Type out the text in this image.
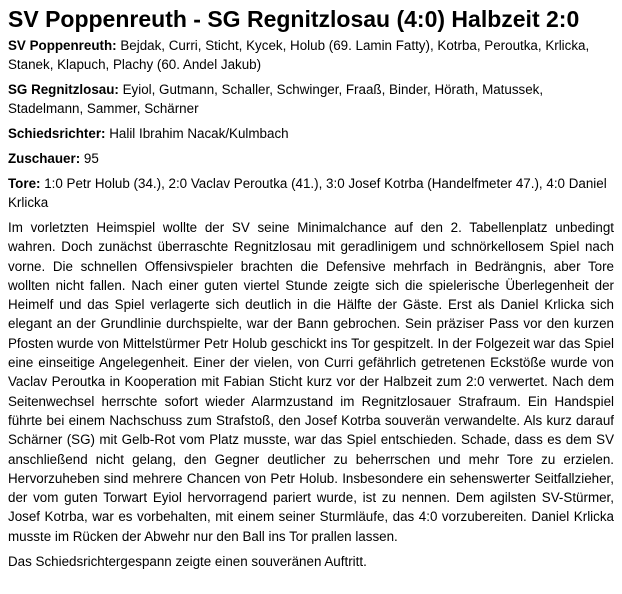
SV Poppenreuth - SG Regnitzlosau (4:0) Halbzeit 2:0

SV Poppenreuth: Bejdak, Curri, Sticht, Kycek, Holub (69. Lamin Fatty), Kotrba, Peroutka, Krlicka, Stanek, Klapuch, Plachy (60. Andel Jakub)

SG Regnitzlosau: Eyiol, Gutmann, Schaller, Schwinger, Fraaß, Binder, Hörath, Matussek, Stadelmann, Sammer, Schärner

Schiedsrichter: Halil Ibrahim Nacak/Kulmbach

Zuschauer: 95

Tore: 1:0 Petr Holub (34.), 2:0 Vaclav Peroutka (41.), 3:0 Josef Kotrba (Handelfmeter 47.), 4:0 Daniel Krlicka

Im vorletzten Heimspiel wollte der SV seine Minimalchance auf den 2. Tabellenplatz unbedingt wahren. Doch zunächst überraschte Regnitzlosau mit geradlinigem und schnörkellosem Spiel nach vorne. Die schnellen Offensivspieler brachten die Defensive mehrfach in Bedrängnis, aber Tore wollten nicht fallen. Nach einer guten viertel Stunde zeigte sich die spielerische Überlegenheit der Heimelf und das Spiel verlagerte sich deutlich in die Hälfte der Gäste. Erst als Daniel Krlicka sich elegant an der Grundlinie durchspielte, war der Bann gebrochen. Sein präziser Pass vor den kurzen Pfosten wurde von Mittelstürmer Petr Holub geschickt ins Tor gespitzelt. In der Folgezeit war das Spiel eine einseitige Angelegenheit. Einer der vielen, von Curri gefährlich getretenen Eckstöße wurde von Vaclav Peroutka in Kooperation mit Fabian Sticht kurz vor der Halbzeit zum 2:0 verwertet. Nach dem Seitenwechsel herrschte sofort wieder Alarmzustand im Regnitzlosauer Strafraum. Ein Handspiel führte bei einem Nachschuss zum Strafstoß, den Josef Kotrba souverän verwandelte. Als kurz darauf Schärner (SG) mit Gelb-Rot vom Platz musste, war das Spiel entschieden. Schade, dass es dem SV anschließend nicht gelang, den Gegner deutlicher zu beherrschen und mehr Tore zu erzielen. Hervorzuheben sind mehrere Chancen von Petr Holub. Insbesondere ein sehenswerter Seitfallzieher, der vom guten Torwart Eyiol hervorragend pariert wurde, ist zu nennen. Dem agilsten SV-Stürmer, Josef Kotrba, war es vorbehalten, mit einem seiner Sturmläufe, das 4:0 vorzubereiten. Daniel Krlicka musste im Rücken der Abwehr nur den Ball ins Tor prallen lassen.

Das Schiedsrichtergespann zeigte einen souveränen Auftritt.
